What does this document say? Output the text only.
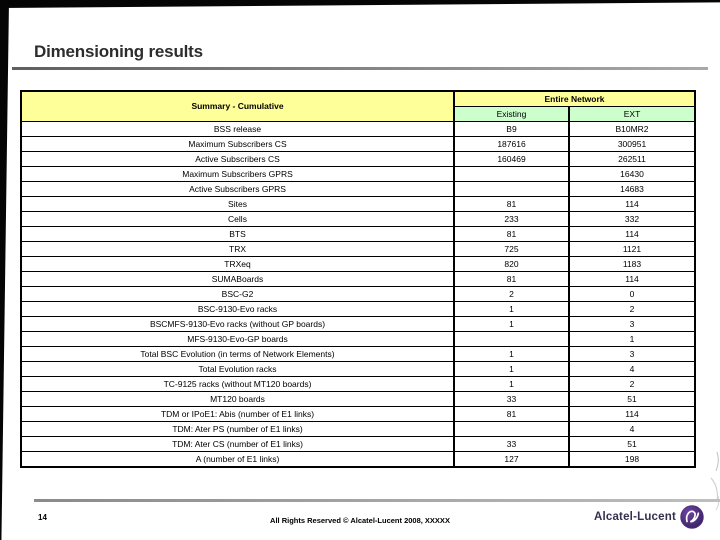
Dimensioning results
Summary - Cumulative	Entire Network	
	Existing	EXT
BSS release	B9	B10MR2
Maximum Subscribers CS	187616	300951
Active Subscribers CS	160469	262511
Maximum Subscribers GPRS		16430
Active Subscribers GPRS		14683
Sites	81	114
Cells	233	332
BTS	81	114
TRX	725	1121
TRXeq	820	1183
SUMABoards	81	114
BSC-G2	2	0
BSC-9130-Evo racks	1	2
BSCMFS-9130-Evo racks (without GP boards)	1	3
MFS-9130-Evo-GP boards		1
Total BSC Evolution (in terms of Network Elements)	1	3
Total Evolution racks	1	4
TC-9125 racks (without MT120 boards)	1	2
MT120 boards	33	51
TDM or IPoE1: Abis (number of E1 links)	81	114
TDM: Ater PS (number of E1 links)		4
TDM: Ater CS (number of E1 links)	33	51
A (number of E1 links)	127	198
14	All Rights Reserved © Alcatel-Lucent 2008, XXXXX	Alcatel-Lucent
